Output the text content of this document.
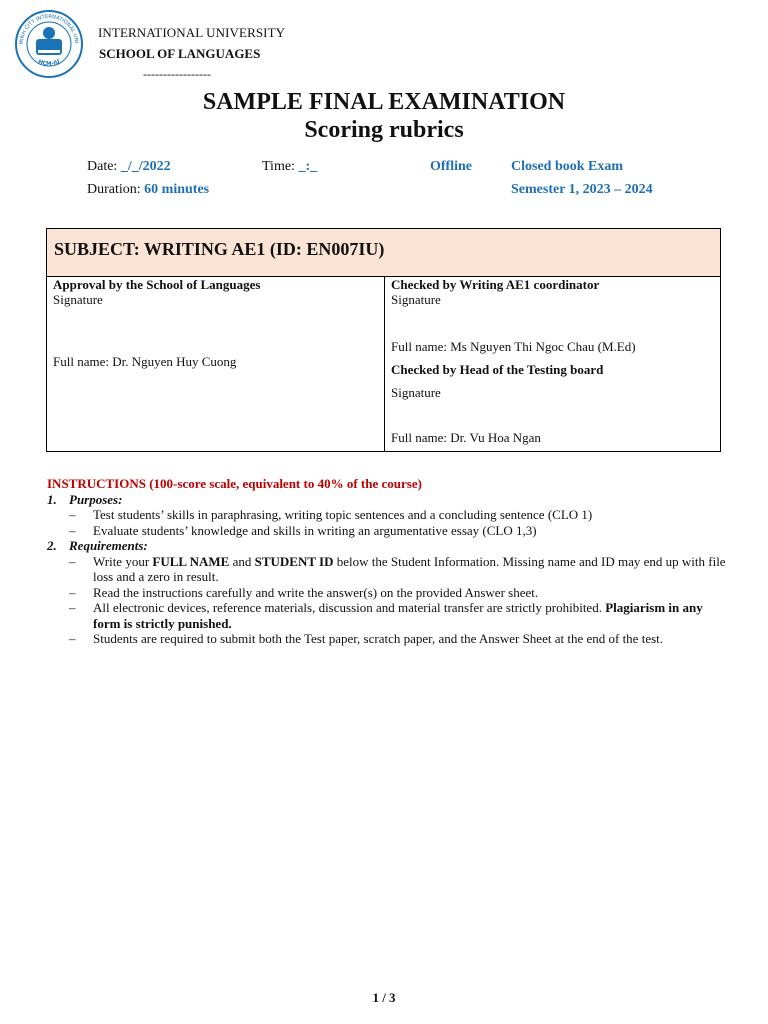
MINH CITY INTERNATIONAL UNI
HCM-IU
INTERNATIONAL UNIVERSITY
SCHOOL OF LANGUAGES
-----------------
SAMPLE FINAL EXAMINATION
Scoring rubrics
Date: _/_/2022	Time: _:_	Offline	Closed book Exam
Duration: 60 minutes	Semester 1, 2023 – 2024
SUBJECT: WRITING AE1 (ID: EN007IU)
Approval by the School of Languages
Signature
Full name: Dr. Nguyen Huy Cuong
Checked by Writing AE1 coordinator
Signature
Full name: Ms Nguyen Thi Ngoc Chau (M.Ed)
Checked by Head of the Testing board
Signature
Full name: Dr. Vu Hoa Ngan
INSTRUCTIONS (100-score scale, equivalent to 40% of the course)
1. Purposes:
– Test students’ skills in paraphrasing, writing topic sentences and a concluding sentence (CLO 1)
– Evaluate students’ knowledge and skills in writing an argumentative essay (CLO 1,3)
2. Requirements:
– Write your FULL NAME and STUDENT ID below the Student Information. Missing name and ID may end up with file loss and a zero in result.
– Read the instructions carefully and write the answer(s) on the provided Answer sheet.
– All electronic devices, reference materials, discussion and material transfer are strictly prohibited. Plagiarism in any form is strictly punished.
– Students are required to submit both the Test paper, scratch paper, and the Answer Sheet at the end of the test.
1 / 3
